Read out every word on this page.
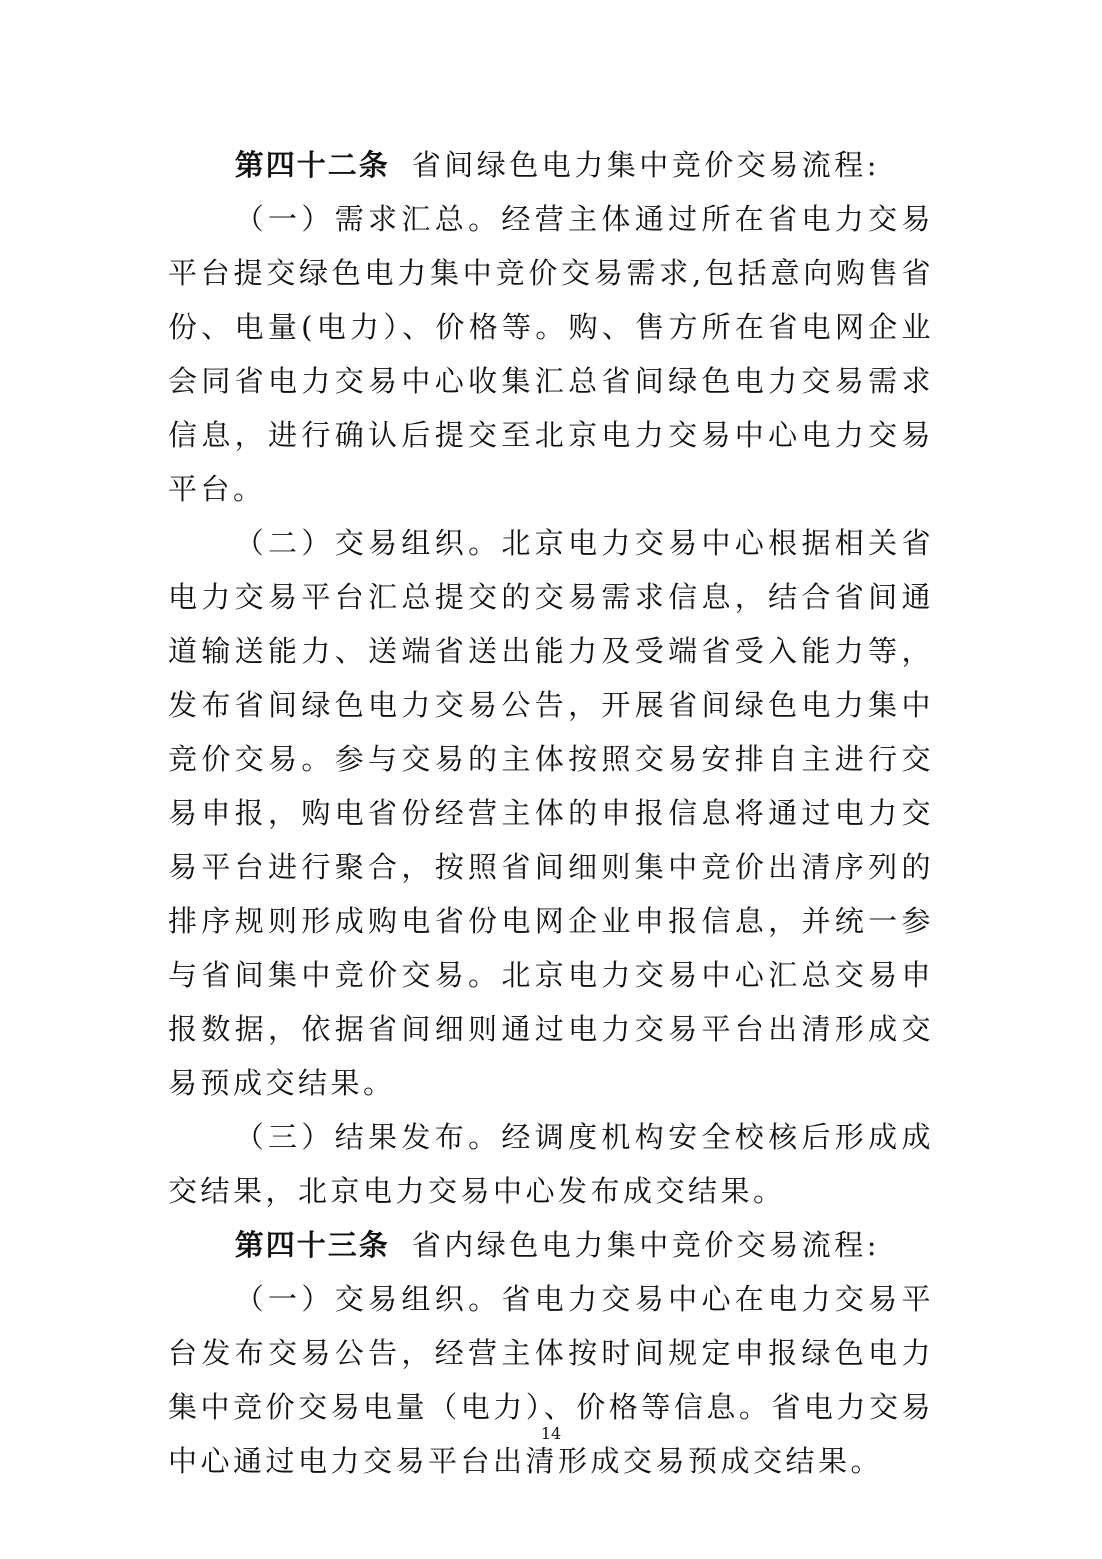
第四十二条 省间绿色电力集中竞价交易流程:

（一）需求汇总。经营主体通过所在省电力交易平台提交绿色电力集中竞价交易需求,包括意向购售省份、电量(电力）、价格等。购、售方所在省电网企业会同省电力交易中心收集汇总省间绿色电力交易需求信息，进行确认后提交至北京电力交易中心电力交易平台。

（二）交易组织。北京电力交易中心根据相关省电力交易平台汇总提交的交易需求信息，结合省间通道输送能力、送端省送出能力及受端省受入能力等，发布省间绿色电力交易公告，开展省间绿色电力集中竞价交易。参与交易的主体按照交易安排自主进行交易申报，购电省份经营主体的申报信息将通过电力交易平台进行聚合，按照省间细则集中竞价出清序列的排序规则形成购电省份电网企业申报信息，并统一参与省间集中竞价交易。北京电力交易中心汇总交易申报数据，依据省间细则通过电力交易平台出清形成交易预成交结果。

（三）结果发布。经调度机构安全校核后形成成交结果，北京电力交易中心发布成交结果。

第四十三条 省内绿色电力集中竞价交易流程:

（一）交易组织。省电力交易中心在电力交易平台发布交易公告，经营主体按时间规定申报绿色电力集中竞价交易电量（电力）、价格等信息。省电力交易中心通过电力交易平台出清形成交易预成交结果。

14
